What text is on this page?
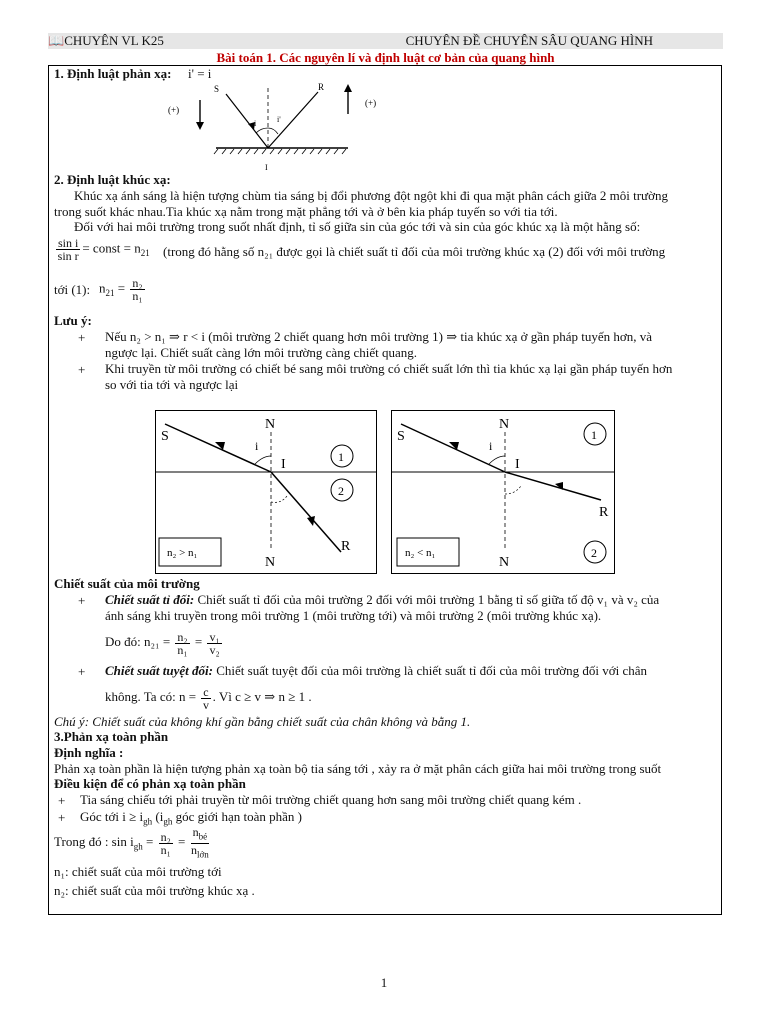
📖CHUYÊN VL K25	CHUYÊN ĐỀ CHUYÊN SÂU QUANG HÌNH
Bài toán 1. Các nguyên lí và định luật cơ bản của quang hình
1. Định luật phản xạ: i' = i
(+)
(+)
S	R
i	i'
I
2. Định luật khúc xạ:
Khúc xạ ánh sáng là hiện tượng chùm tia sáng bị đổi phương đột ngột khi đi qua mặt phân cách giữa 2 môi trường
trong suốt khác nhau.Tia khúc xạ nằm trong mặt phẳng tới và ở bên kia pháp tuyến so với tia tới.
Đối với hai môi trường trong suốt nhất định, tỉ số giữa sin của góc tới và sin của góc khúc xạ là một hằng số:
$\frac{\text{sin i}}{\text{sin r}}$ = const = $n_{21}$ (trong đó hằng số n₂₁ được gọi là chiết suất tỉ đối của môi trường khúc xạ (2) đối với môi trường
tới (1): $n_{21} = \frac{\text{n₂}}{\text{n₁}}$
Lưu ý:
+ Nếu n₂ > n₁ ⇒ r < i (môi trường 2 chiết quang hơn môi trường 1) ⇒ tia khúc xạ ở gần pháp tuyến hơn, và
ngược lại. Chiết suất càng lớn môi trường càng chiết quang.
+ Khi truyền từ môi trường có chiết bé sang môi trường có chiết suất lớn thì tia khúc xạ lại gần pháp tuyến hơn
so với tia tới và ngược lại
S
N
i
I	1
2
n₂ > n₁
N
R
S
N
i
I
1
2
n₂ < n₁
N
R
Chiết suất của môi trường
+ Chiết suất tỉ đối: Chiết suất tỉ đối của môi trường 2 đối với môi trường 1 bằng tỉ số giữa tố độ v₁ và v₂ của
ánh sáng khi truyền trong môi trường 1 (môi trường tới) và môi trường 2 (môi trường khúc xạ).
Do đó: $n_{21} = \frac{\text{n₂}}{\text{n₁}} = \frac{\text{v₁}}{\text{v₂}}$
+ Chiết suất tuyệt đối: Chiết suất tuyệt đối của môi trường là chiết suất tỉ đối của môi trường đối với chân
không. Ta có: $n = \frac{c}{v}$ . Vì c ≥ v ⇒ n ≥ 1 .
Chú ý: Chiết suất của không khí gần bằng chiết suất của chân không và bằng 1.
3.Phản xạ toàn phần
Định nghĩa :
Phản xạ toàn phần là hiện tượng phản xạ toàn bộ tia sáng tới , xảy ra ở mặt phân cách giữa hai môi trường trong suốt
Điều kiện để có phản xạ toàn phần
+ Tia sáng chiếu tới phải truyền từ môi trường chiết quang hơn sang môi trường chiết quang kém .
+ Góc tới $i \ge i_{gh}$ ($i_{gh}$ góc giới hạn toàn phần )
Trong đó : $\sin i_{gh} = \frac{\text{n₂}}{\text{n₁}}$ =
$n_{bé}$
$n_{lớn}$
n₁: chiết suất của môi trường tới
n₂: chiết suất của môi trường khúc xạ .
1
